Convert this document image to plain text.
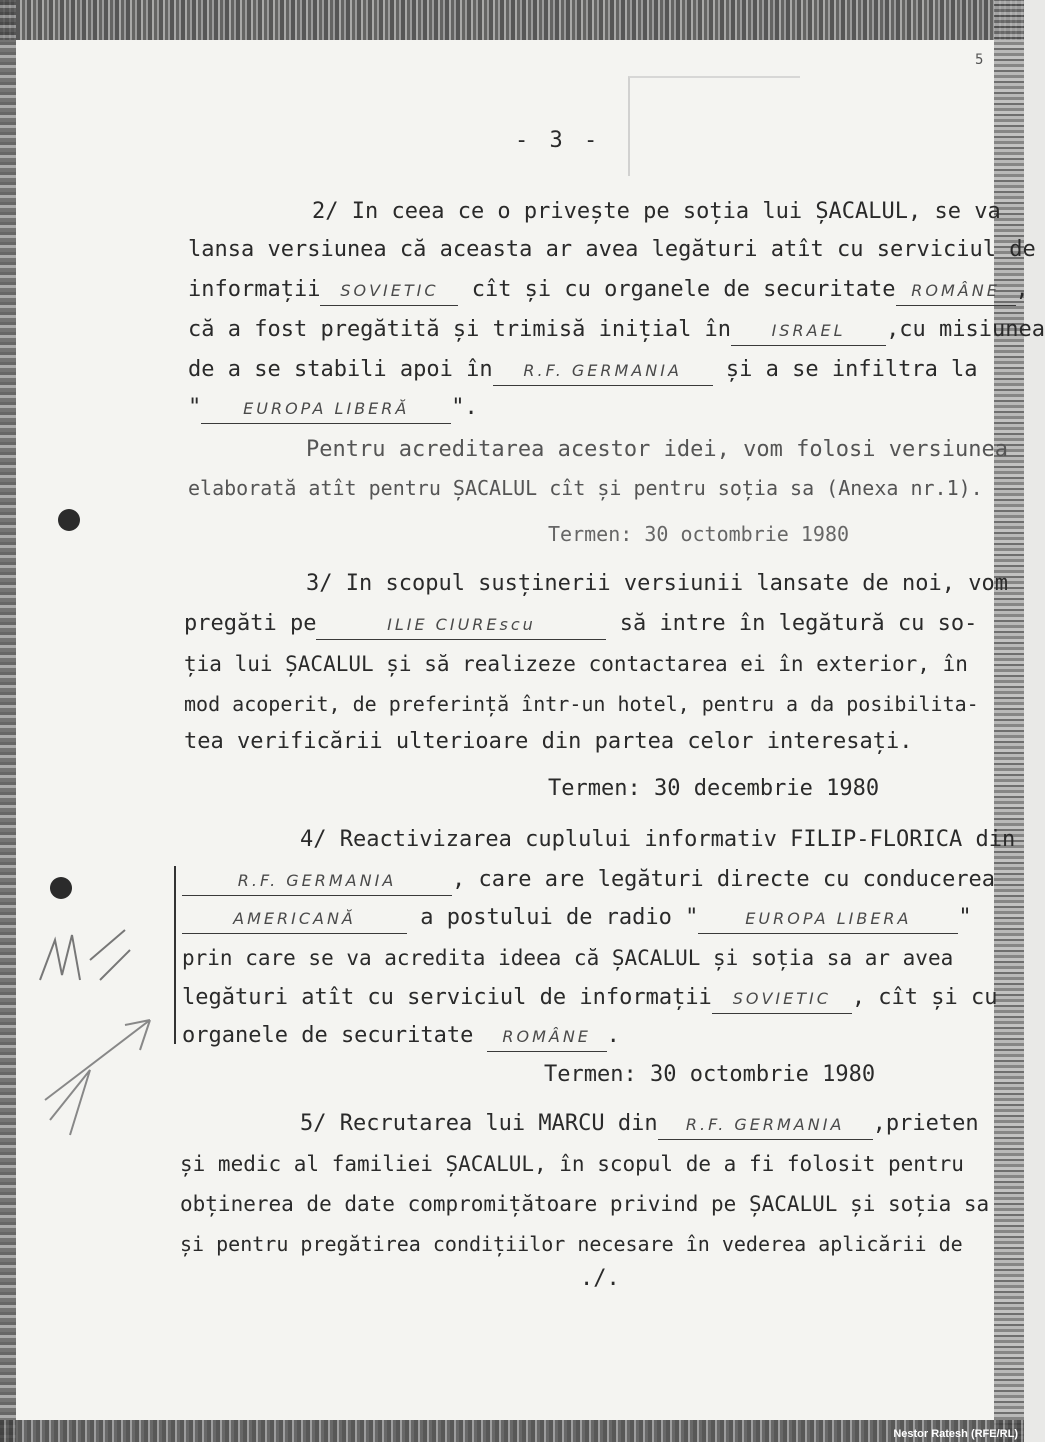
5
- 3 -
2/ In ceea ce o privește pe soția lui ȘACALUL, se va
lansa versiunea că aceasta ar avea legături atît cu serviciul de
informații SOVIETIC cît și cu organele de securitate ROMÂNE ,
că a fost pregătită și trimisă inițial în	ISRAEL ,cu misiunea
de a se stabili apoi în R.F. GERMANIA și a se infiltra la
"	EUROPA LIBERĂ ".
Pentru acreditarea acestor idei, vom folosi versiunea
elaborată atît pentru ȘACALUL cît și pentru soția sa (Anexa nr.1).
Termen: 30 octombrie 1980
3/ In scopul susținerii versiunii lansate de noi, vom
pregăti pe	ILIE CIUREscu	să intre în legătură cu so-
ția lui ȘACALUL și să realizeze contactarea ei în exterior, în
mod acoperit, de preferință într-un hotel, pentru a da posibilita-
tea verificării ulterioare din partea celor interesați.
Termen: 30 decembrie 1980
4/ Reactivizarea cuplului informativ FILIP-FLORICA din
R.F. GERMANIA	, care are legături directe cu conducerea
AMERICANĂ	a postului de radio "	EUROPA LIBERA "
prin care se va acredita ideea că ȘACALUL și soția sa ar avea
legături atît cu serviciul de informații SOVIETIC , cît și cu
organele de securitate ROMÂNE .
Termen: 30 octombrie 1980
5/ Recrutarea lui MARCU din R.F. GERMANIA ,prieten
și medic al familiei ȘACALUL, în scopul de a fi folosit pentru
obținerea de date compromițătoare privind pe ȘACALUL și soția sa
și pentru pregătirea condițiilor necesare în vederea aplicării de
./.
Nestor Ratesh (RFE/RL)
